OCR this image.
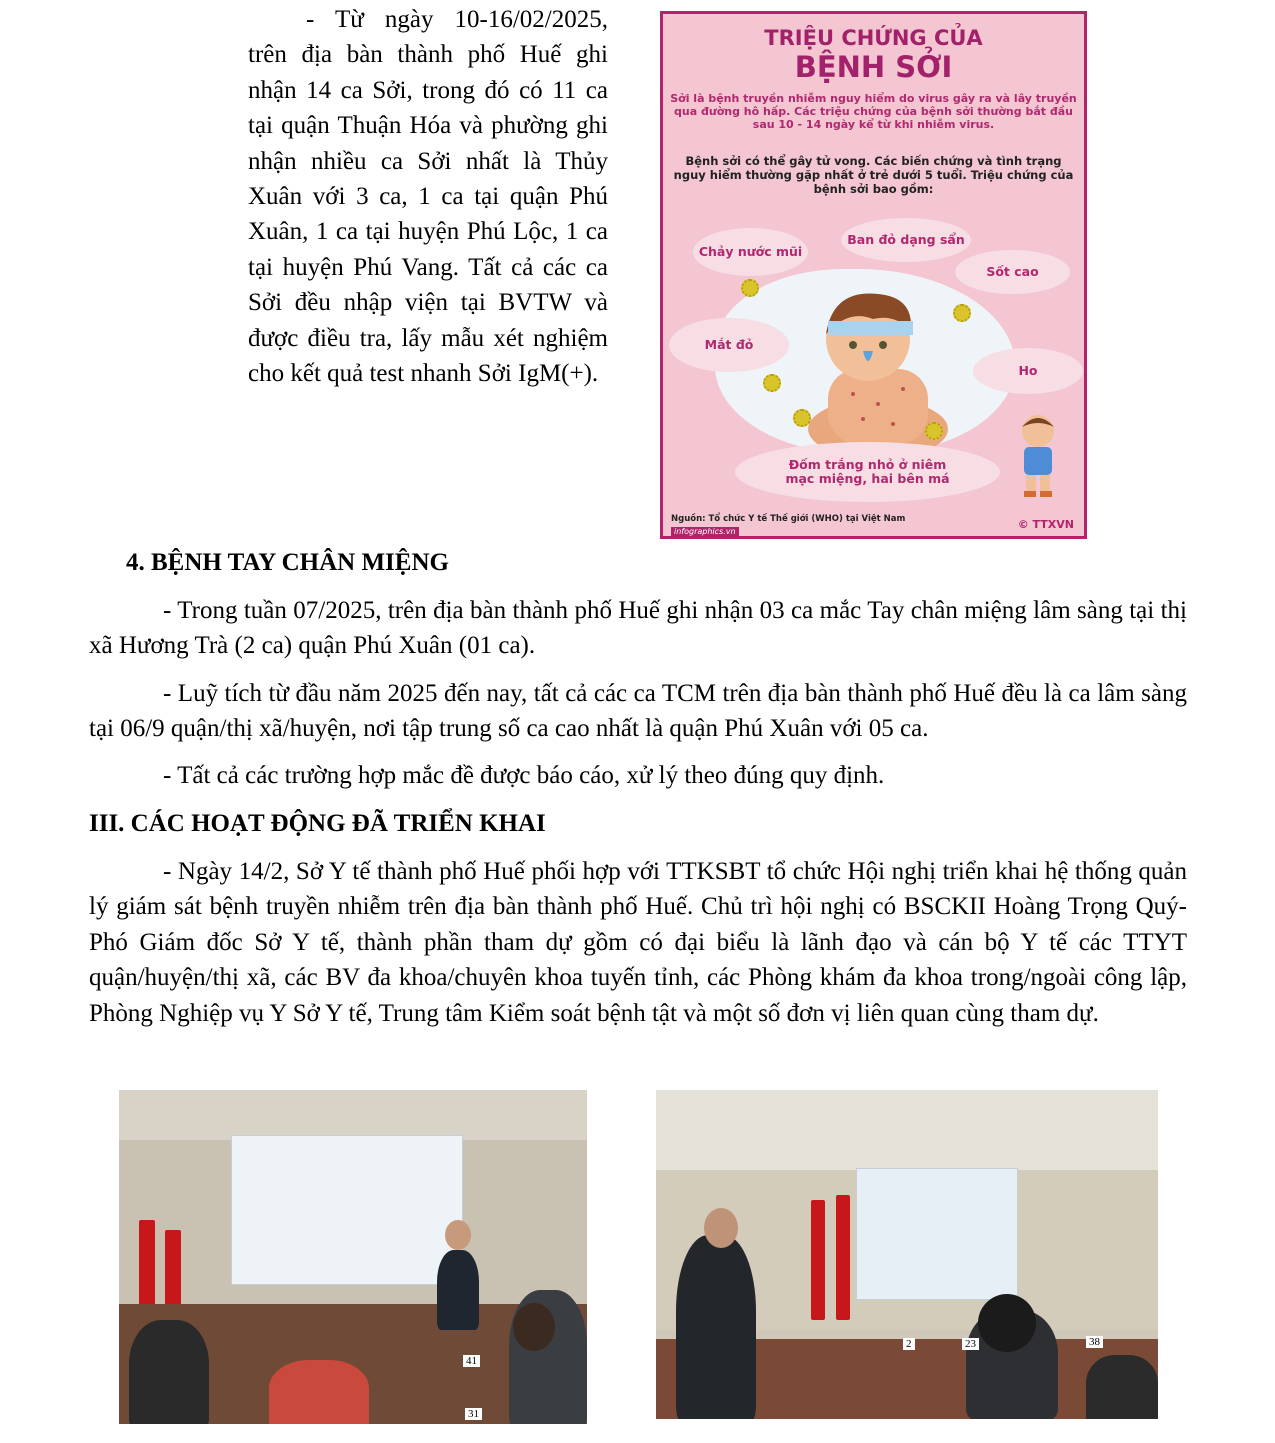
- Từ ngày 10-16/02/2025, trên địa bàn thành phố Huế ghi nhận 14 ca Sởi, trong đó có 11 ca tại quận Thuận Hóa và phường ghi nhận nhiều ca Sởi nhất là Thủy Xuân với 3 ca, 1 ca tại quận Phú Xuân, 1 ca tại huyện Phú Lộc, 1 ca tại huyện Phú Vang. Tất cả các ca Sởi đều nhập viện tại BVTW và được điều tra, lấy mẫu xét nghiệm cho kết quả test nhanh Sởi IgM(+).

TRIỆU CHỨNG CỦA
BỆNH SỞI
Sởi là bệnh truyền nhiễm nguy hiểm do virus gây ra và lây truyền qua đường hô hấp. Các triệu chứng của bệnh sởi thường bắt đầu sau 10 - 14 ngày kể từ khi nhiễm virus.
Bệnh sởi có thể gây tử vong. Các biến chứng và tình trạng nguy hiểm thường gặp nhất ở trẻ dưới 5 tuổi. Triệu chứng của bệnh sởi bao gồm:
Chảy nước mũi
Ban đỏ dạng sẩn
Sốt cao
Mắt đỏ
Ho
Đốm trắng nhỏ ở niêm mạc miệng, hai bên má
Nguồn: Tổ chức Y tế Thế giới (WHO) tại Việt Nam
infographics.vn
© TTXVN
4. BỆNH TAY CHÂN MIỆNG

- Trong tuần 07/2025, trên địa bàn thành phố Huế ghi nhận 03 ca mắc Tay chân miệng lâm sàng tại thị xã Hương Trà (2 ca) quận Phú Xuân (01 ca).

- Luỹ tích từ đầu năm 2025 đến nay, tất cả các ca TCM trên địa bàn thành phố Huế đều là ca lâm sàng tại 06/9 quận/thị xã/huyện, nơi tập trung số ca cao nhất là quận Phú Xuân với 05 ca.

- Tất cả các trường hợp mắc đề được báo cáo, xử lý theo đúng quy định.

III. CÁC HOẠT ĐỘNG ĐÃ TRIỂN KHAI

- Ngày 14/2, Sở Y tế thành phố Huế phối hợp với TTKSBT tổ chức Hội nghị triển khai hệ thống quản lý giám sát bệnh truyền nhiễm trên địa bàn thành phố Huế. Chủ trì hội nghị có BSCKII Hoàng Trọng Quý- Phó Giám đốc Sở Y tế, thành phần tham dự gồm có đại biểu là lãnh đạo và cán bộ Y tế các TTYT quận/huyện/thị xã, các BV đa khoa/chuyên khoa tuyến tỉnh, các Phòng khám đa khoa trong/ngoài công lập, Phòng Nghiệp vụ Y Sở Y tế, Trung tâm Kiểm soát bệnh tật và một số đơn vị liên quan cùng tham dự.

41
31
2	23	38
